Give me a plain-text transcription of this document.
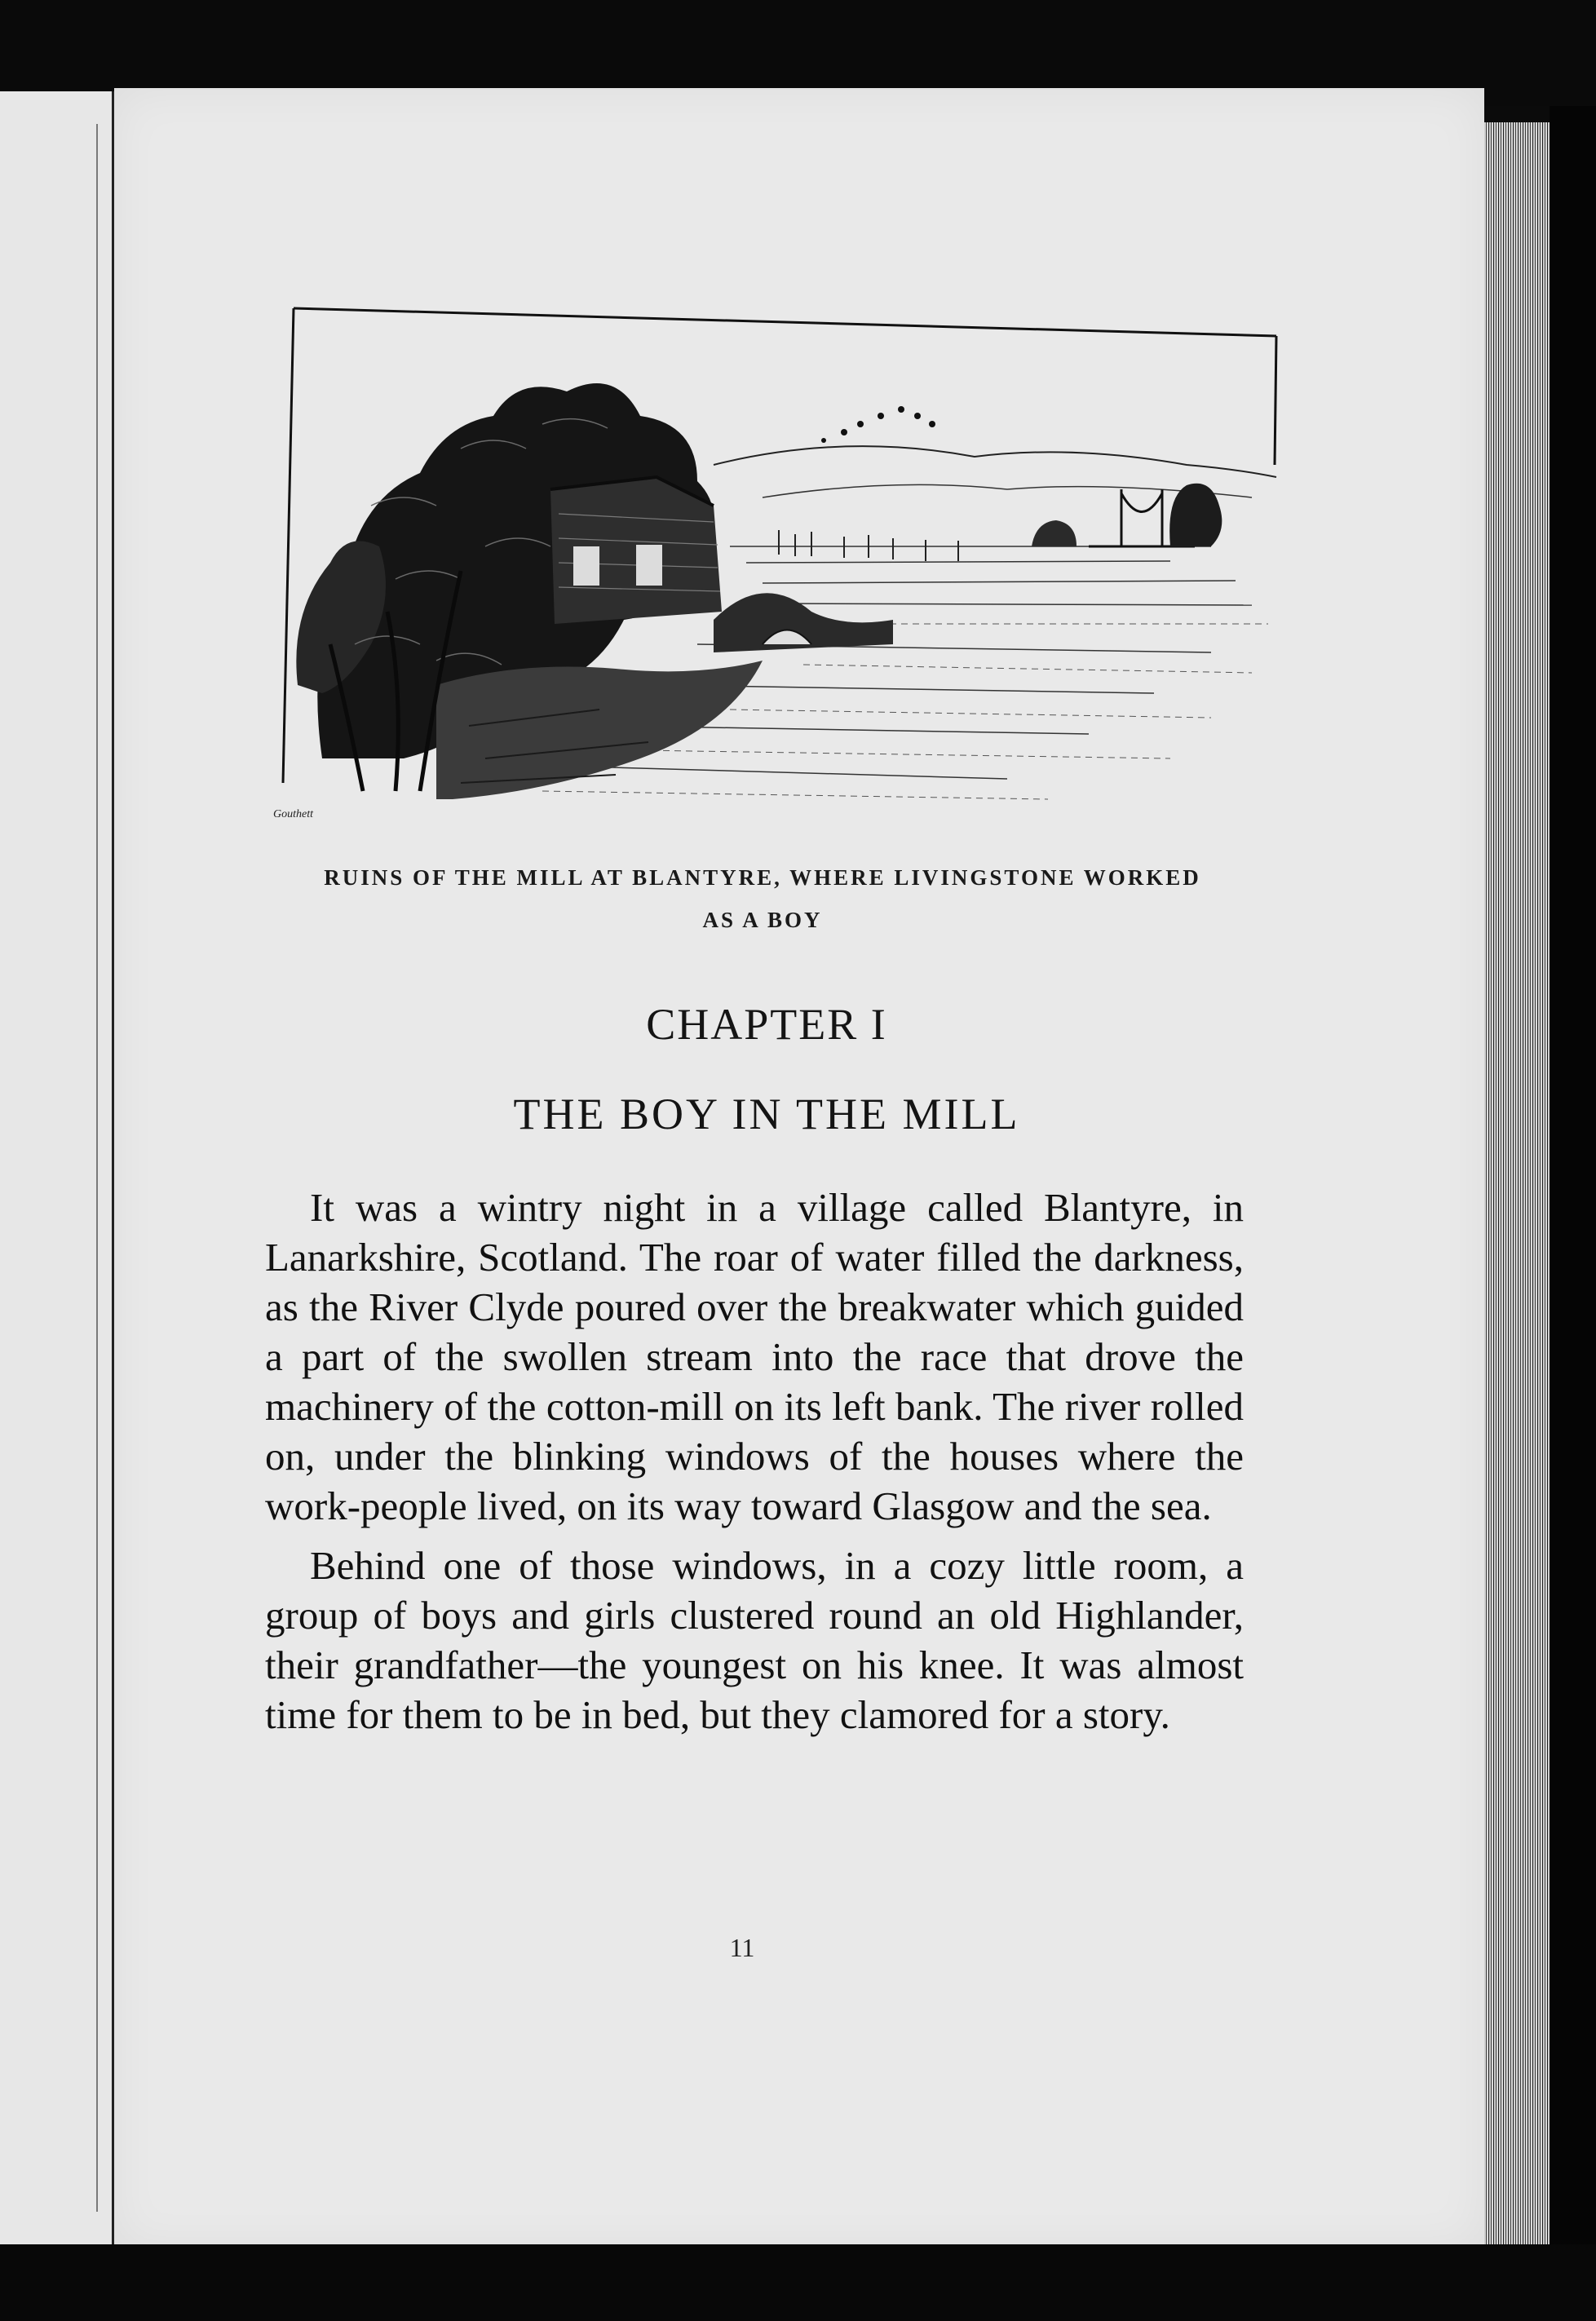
Gouthett
RUINS OF THE MILL AT BLANTYRE, WHERE LIVINGSTONE WORKED
AS A BOY
CHAPTER I
THE BOY IN THE MILL

It was a wintry night in a village called Blantyre, in Lanarkshire, Scotland. The roar of water filled the darkness, as the River Clyde poured over the breakwater which guided a part of the swollen stream into the race that drove the machinery of the cotton-mill on its left bank. The river rolled on, under the blinking windows of the houses where the work-people lived, on its way toward Glasgow and the sea.

Behind one of those windows, in a cozy little room, a group of boys and girls clustered round an old Highlander, their grandfather—the youngest on his knee. It was almost time for them to be in bed, but they clamored for a story.

11
